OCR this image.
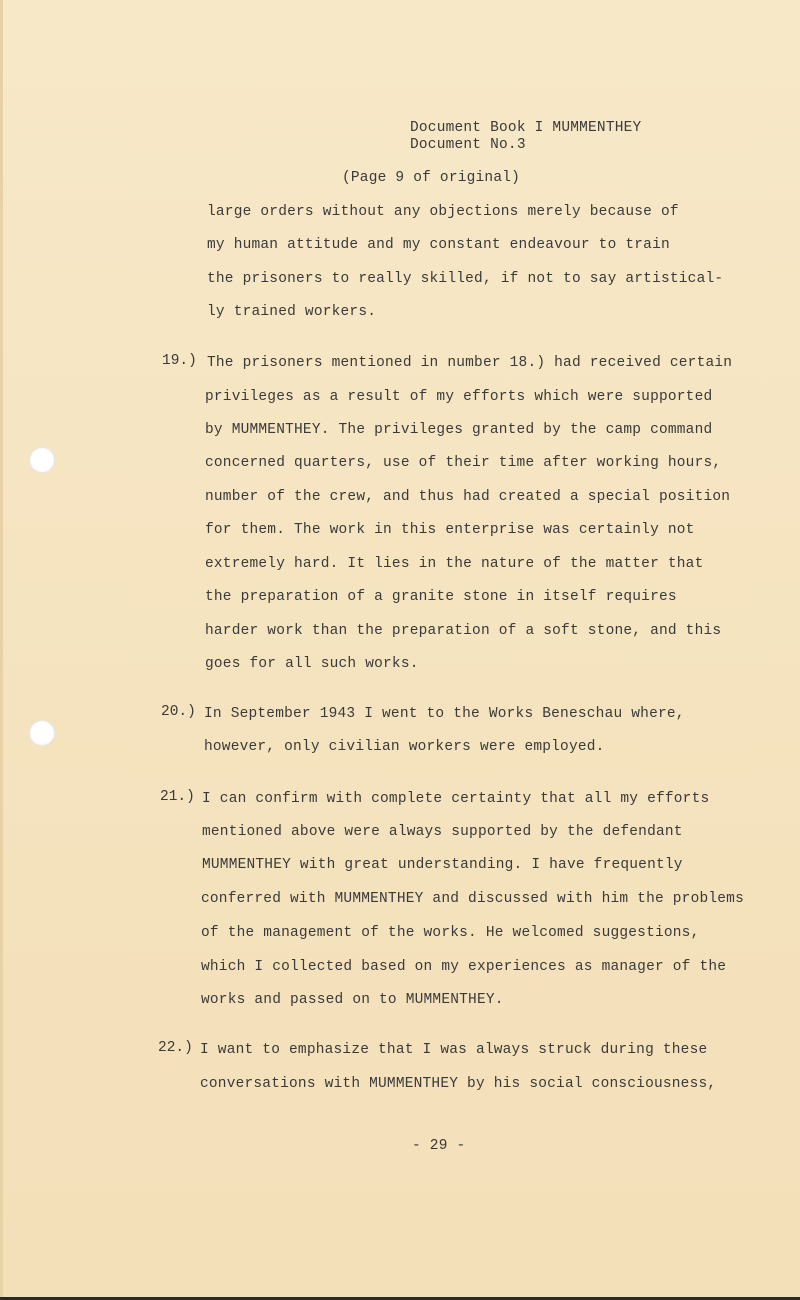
Document Book I MUMMENTHEY
Document No.3
(Page 9 of original)
large orders without any objections merely because of
my human attitude and my constant endeavour to train
the prisoners to really skilled, if not to say artistical-
ly trained workers.
19.) The prisoners mentioned in number 18.) had received certain
privileges as a result of my efforts which were supported
by MUMMENTHEY. The privileges granted by the camp command
concerned quarters, use of their time after working hours,
number of the crew, and thus had created a special position
for them. The work in this enterprise was certainly not
extremely hard. It lies in the nature of the matter that
the preparation of a granite stone in itself requires
harder work than the preparation of a soft stone, and this
goes for all such works.
20.) In September 1943 I went to the Works Beneschau where,
however, only civilian workers were employed.
21.) I can confirm with complete certainty that all my efforts
mentioned above were always supported by the defendant
MUMMENTHEY with great understanding. I have frequently
conferred with MUMMENTHEY and discussed with him the problems
of the management of the works. He welcomed suggestions,
which I collected based on my experiences as manager of the
works and passed on to MUMMENTHEY.
22.) I want to emphasize that I was always struck during these
conversations with MUMMENTHEY by his social consciousness,
- 29 -
